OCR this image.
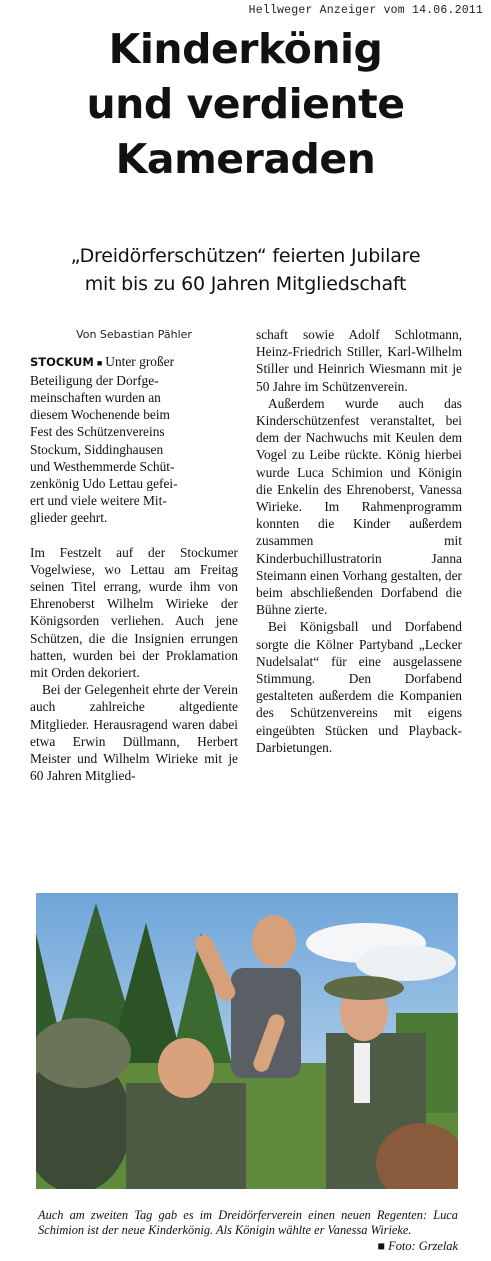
Hellweger Anzeiger vom 14.06.2011
Kinderkönig
und verdiente
Kameraden
„Dreidörferschützen“ feierten Jubilare
mit bis zu 60 Jahren Mitgliedschaft
Von Sebastian Pähler

STOCKUM ■ Unter großer
Beteiligung der Dorfge-
meinschaften wurden an
diesem Wochenende beim
Fest des Schützenvereins
Stockum, Siddinghausen
und Westhemmerde Schüt-
zenkönig Udo Lettau gefei-
ert und viele weitere Mit-
glieder geehrt.

Im Festzelt auf der Stockumer Vogelwiese, wo Lettau am Freitag seinen Titel errang, wurde ihm von Ehrenoberst Wilhelm Wirieke der Königsorden verliehen. Auch jene Schützen, die die Insignien errungen hatten, wurden bei der Proklamation mit Orden dekoriert.

Bei der Gelegenheit ehrte der Verein auch zahlreiche altgediente Mitglieder. Herausragend waren dabei etwa Erwin Düllmann, Herbert Meister und Wilhelm Wirieke mit je 60 Jahren Mitglied-

schaft sowie Adolf Schlotmann, Heinz-Friedrich Stiller, Karl-Wilhelm Stiller und Heinrich Wiesmann mit je 50 Jahre im Schützenverein.

Außerdem wurde auch das Kinderschützenfest veranstaltet, bei dem der Nachwuchs mit Keulen dem Vogel zu Leibe rückte. König hierbei wurde Luca Schimion und Königin die Enkelin des Ehrenoberst, Vanessa Wirieke. Im Rahmenprogramm konnten die Kinder außerdem zusammen mit Kinderbuchillustratorin Janna Steimann einen Vorhang gestalten, der beim abschließenden Dorfabend die Bühne zierte.

Bei Königsball und Dorfabend sorgte die Kölner Partyband „Lecker Nudelsalat“ für eine ausgelassene Stimmung. Den Dorfabend gestalteten außerdem die Kompanien des Schützenvereins mit eigens eingeübten Stücken und Playback-Darbietungen.

Auch am zweiten Tag gab es im Dreidörferverein einen neuen Regenten: Luca Schimion ist der neue Kinderkönig. Als Königin wählte er Vanessa Wirieke.
■ Foto: Grzelak
